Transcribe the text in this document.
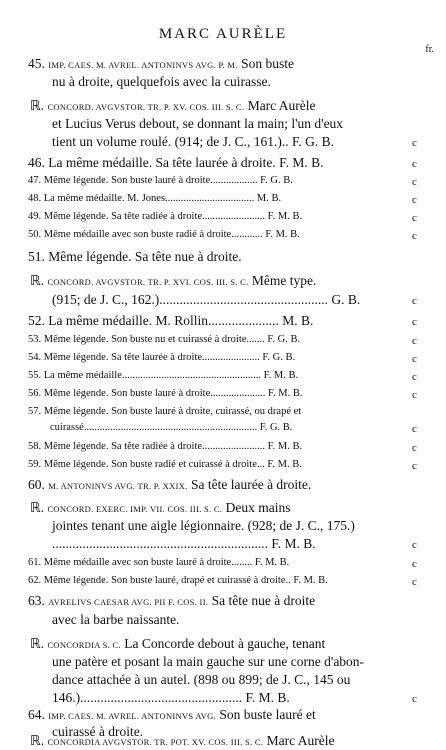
MARC AURÈLE
fr.
45. IMP. CAES. M. AVREL. ANTONINVS AVG. P. M. Son buste
nu à droite, quelquefois avec la cuirasse.
ℝ. CONCORD. AVGVSTOR. TR. P. XV. COS. III. S. C. Marc Aurèle
et Lucius Verus debout, se donnant la main; l'un d'eux
tient un volume roulé. (914; de J. C., 161.).. F. G. B.	c
46. La même médaille. Sa tête laurée à droite. F. M. B.	c
47. Même légende. Son buste lauré à droite.................. F. G. B.	c
48. La même médaille. M. Jones.................................. M. B.	c
49. Même légende. Sa tête radiée à droite........................ F. M. B.	c
50. Même médaille avec son buste radié à droite............ F. M. B.	c
51. Même légende. Sa tête nue à droite.
ℝ. CONCORD. AVGVSTOR. TR. P. XVI. COS. III. S. C. Même type.
(915; de J. C., 162.).................................................. G. B.	c
52. La même médaille. M. Rollin..................... M. B.	c
53. Même légende. Son buste nu et cuirassé à droite....... F. G. B.	c
54. Même légende. Sa tête laurée à droite...................... F. G. B.	c
55. La même médaille..................................................... F. M. B.	c
56. Même légende. Son buste lauré à droite..................... F. M. B.	c
57. Même légende. Son buste lauré à droite, cuirassé, ou drapé et
cuirassé.................................................................. F. G. B.	c
58. Même légende. Sa tête radiée à droite........................ F. M. B.	c
59. Même légende. Son buste radié et cuirassé à droite... F. M. B.	c
60. M. ANTONINVS AVG. TR. P. XXIX. Sa tête laurée à droite.
ℝ. CONCORD. EXERC. IMP. VII. COS. III. S. C. Deux mains
jointes tenant une aigle légionnaire. (928; de J. C., 175.)
................................................................ F. M. B.	c
61. Même médaille avec son buste lauré à droite........ F. M. B.	c
62. Même légende. Son buste lauré, drapé et cuirassé à droite.. F. M. B.	c
63. AVRELIVS CAESAR AVG. PII F. COS. II. Sa tête nue à droite
avec la barbe naissante.
ℝ. CONCORDIA S. C. La Concorde debout à gauche, tenant
une patère et posant la main gauche sur une corne d'abon-
dance attachée à un autel. (898 ou 899; de J. C., 145 ou
146.)................................................ F. M. B.	c
64. IMP. CAES. M. AVREL. ANTONINVS AVG. Son buste lauré et
cuirassé à droite.
ℝ. CONCORDIA AVGVSTOR. TR. POT. XV. COS. III. S. C. Marc Aurèle
